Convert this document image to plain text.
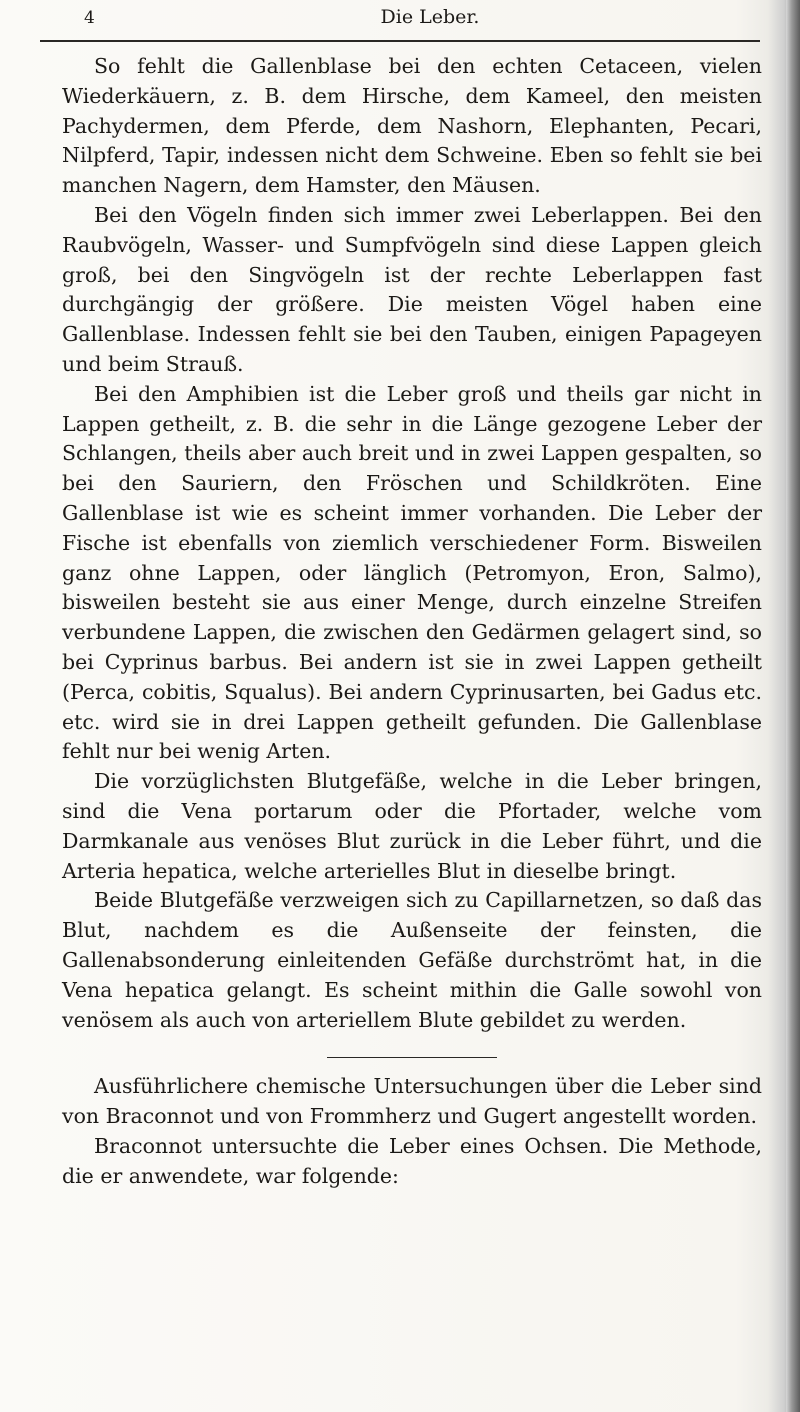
4	Die Leber.

So fehlt die Gallenblase bei den echten Cetaceen, vielen Wiederkäuern, z. B. dem Hirsche, dem Kameel, den meisten Pachydermen, dem Pferde, dem Nashorn, Elephanten, Pecari, Nilpferd, Tapir, indessen nicht dem Schweine. Eben so fehlt sie bei manchen Nagern, dem Hamster, den Mäusen.

Bei den Vögeln finden sich immer zwei Leberlappen. Bei den Raubvögeln, Wasser- und Sumpfvögeln sind diese Lappen gleich groß, bei den Singvögeln ist der rechte Leberlappen fast durchgängig der größere. Die meisten Vögel haben eine Gallenblase. Indessen fehlt sie bei den Tauben, einigen Papageyen und beim Strauß.

Bei den Amphibien ist die Leber groß und theils gar nicht in Lappen getheilt, z. B. die sehr in die Länge gezogene Leber der Schlangen, theils aber auch breit und in zwei Lappen gespalten, so bei den Sauriern, den Fröschen und Schildkröten. Eine Gallenblase ist wie es scheint immer vorhanden. Die Leber der Fische ist ebenfalls von ziemlich verschiedener Form. Bisweilen ganz ohne Lappen, oder länglich (Petromyon, Eron, Salmo), bisweilen besteht sie aus einer Menge, durch einzelne Streifen verbundene Lappen, die zwischen den Gedärmen gelagert sind, so bei Cyprinus barbus. Bei andern ist sie in zwei Lappen getheilt (Perca, cobitis, Squalus). Bei andern Cyprinusarten, bei Gadus etc. etc. wird sie in drei Lappen getheilt gefunden. Die Gallenblase fehlt nur bei wenig Arten.

Die vorzüglichsten Blutgefäße, welche in die Leber bringen, sind die Vena portarum oder die Pfortader, welche vom Darmkanale aus venöses Blut zurück in die Leber führt, und die Arteria hepatica, welche arterielles Blut in dieselbe bringt.

Beide Blutgefäße verzweigen sich zu Capillarnetzen, so daß das Blut, nachdem es die Außenseite der feinsten, die Gallenabsonderung einleitenden Gefäße durchströmt hat, in die Vena hepatica gelangt. Es scheint mithin die Galle sowohl von venösem als auch von arteriellem Blute gebildet zu werden.

Ausführlichere chemische Untersuchungen über die Leber sind von Braconnot und von Frommherz und Gugert angestellt worden.

Braconnot untersuchte die Leber eines Ochsen. Die Methode, die er anwendete, war folgende:
